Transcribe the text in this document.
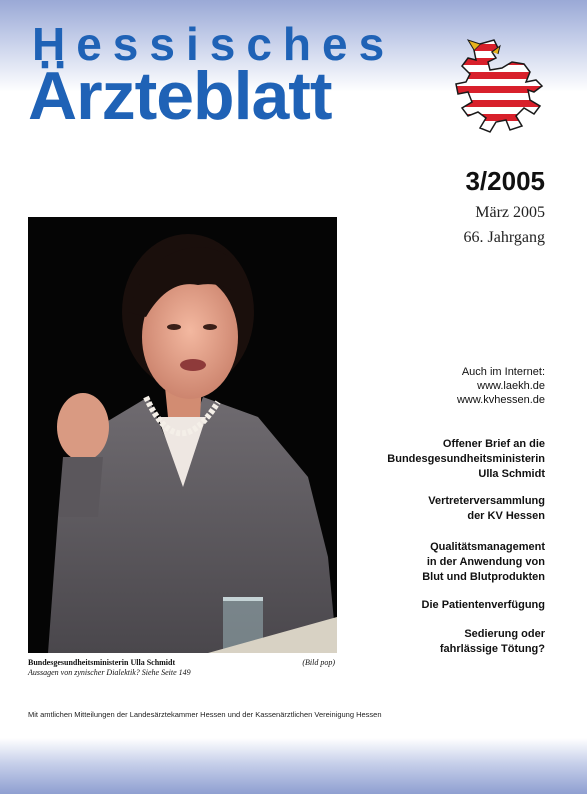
Hessisches
Ärzteblatt
3/2005
März 2005
66. Jahrgang
Bundesgesundheitsministerin Ulla Schmidt
Aussagen von zynischer Dialektik? Siehe Seite 149
(Bild pop)
Auch im Internet:
www.laekh.de
www.kvhessen.de
Offener Brief an die
Bundesgesundheitsministerin
Ulla Schmidt
Vertreterversammlung
der KV Hessen
Qualitätsmanagement
in der Anwendung von
Blut und Blutprodukten
Die Patientenverfügung
Sedierung oder
fahrlässige Tötung?
Mit amtlichen Mitteilungen der Landesärztekammer Hessen und der Kassenärztlichen Vereinigung Hessen
